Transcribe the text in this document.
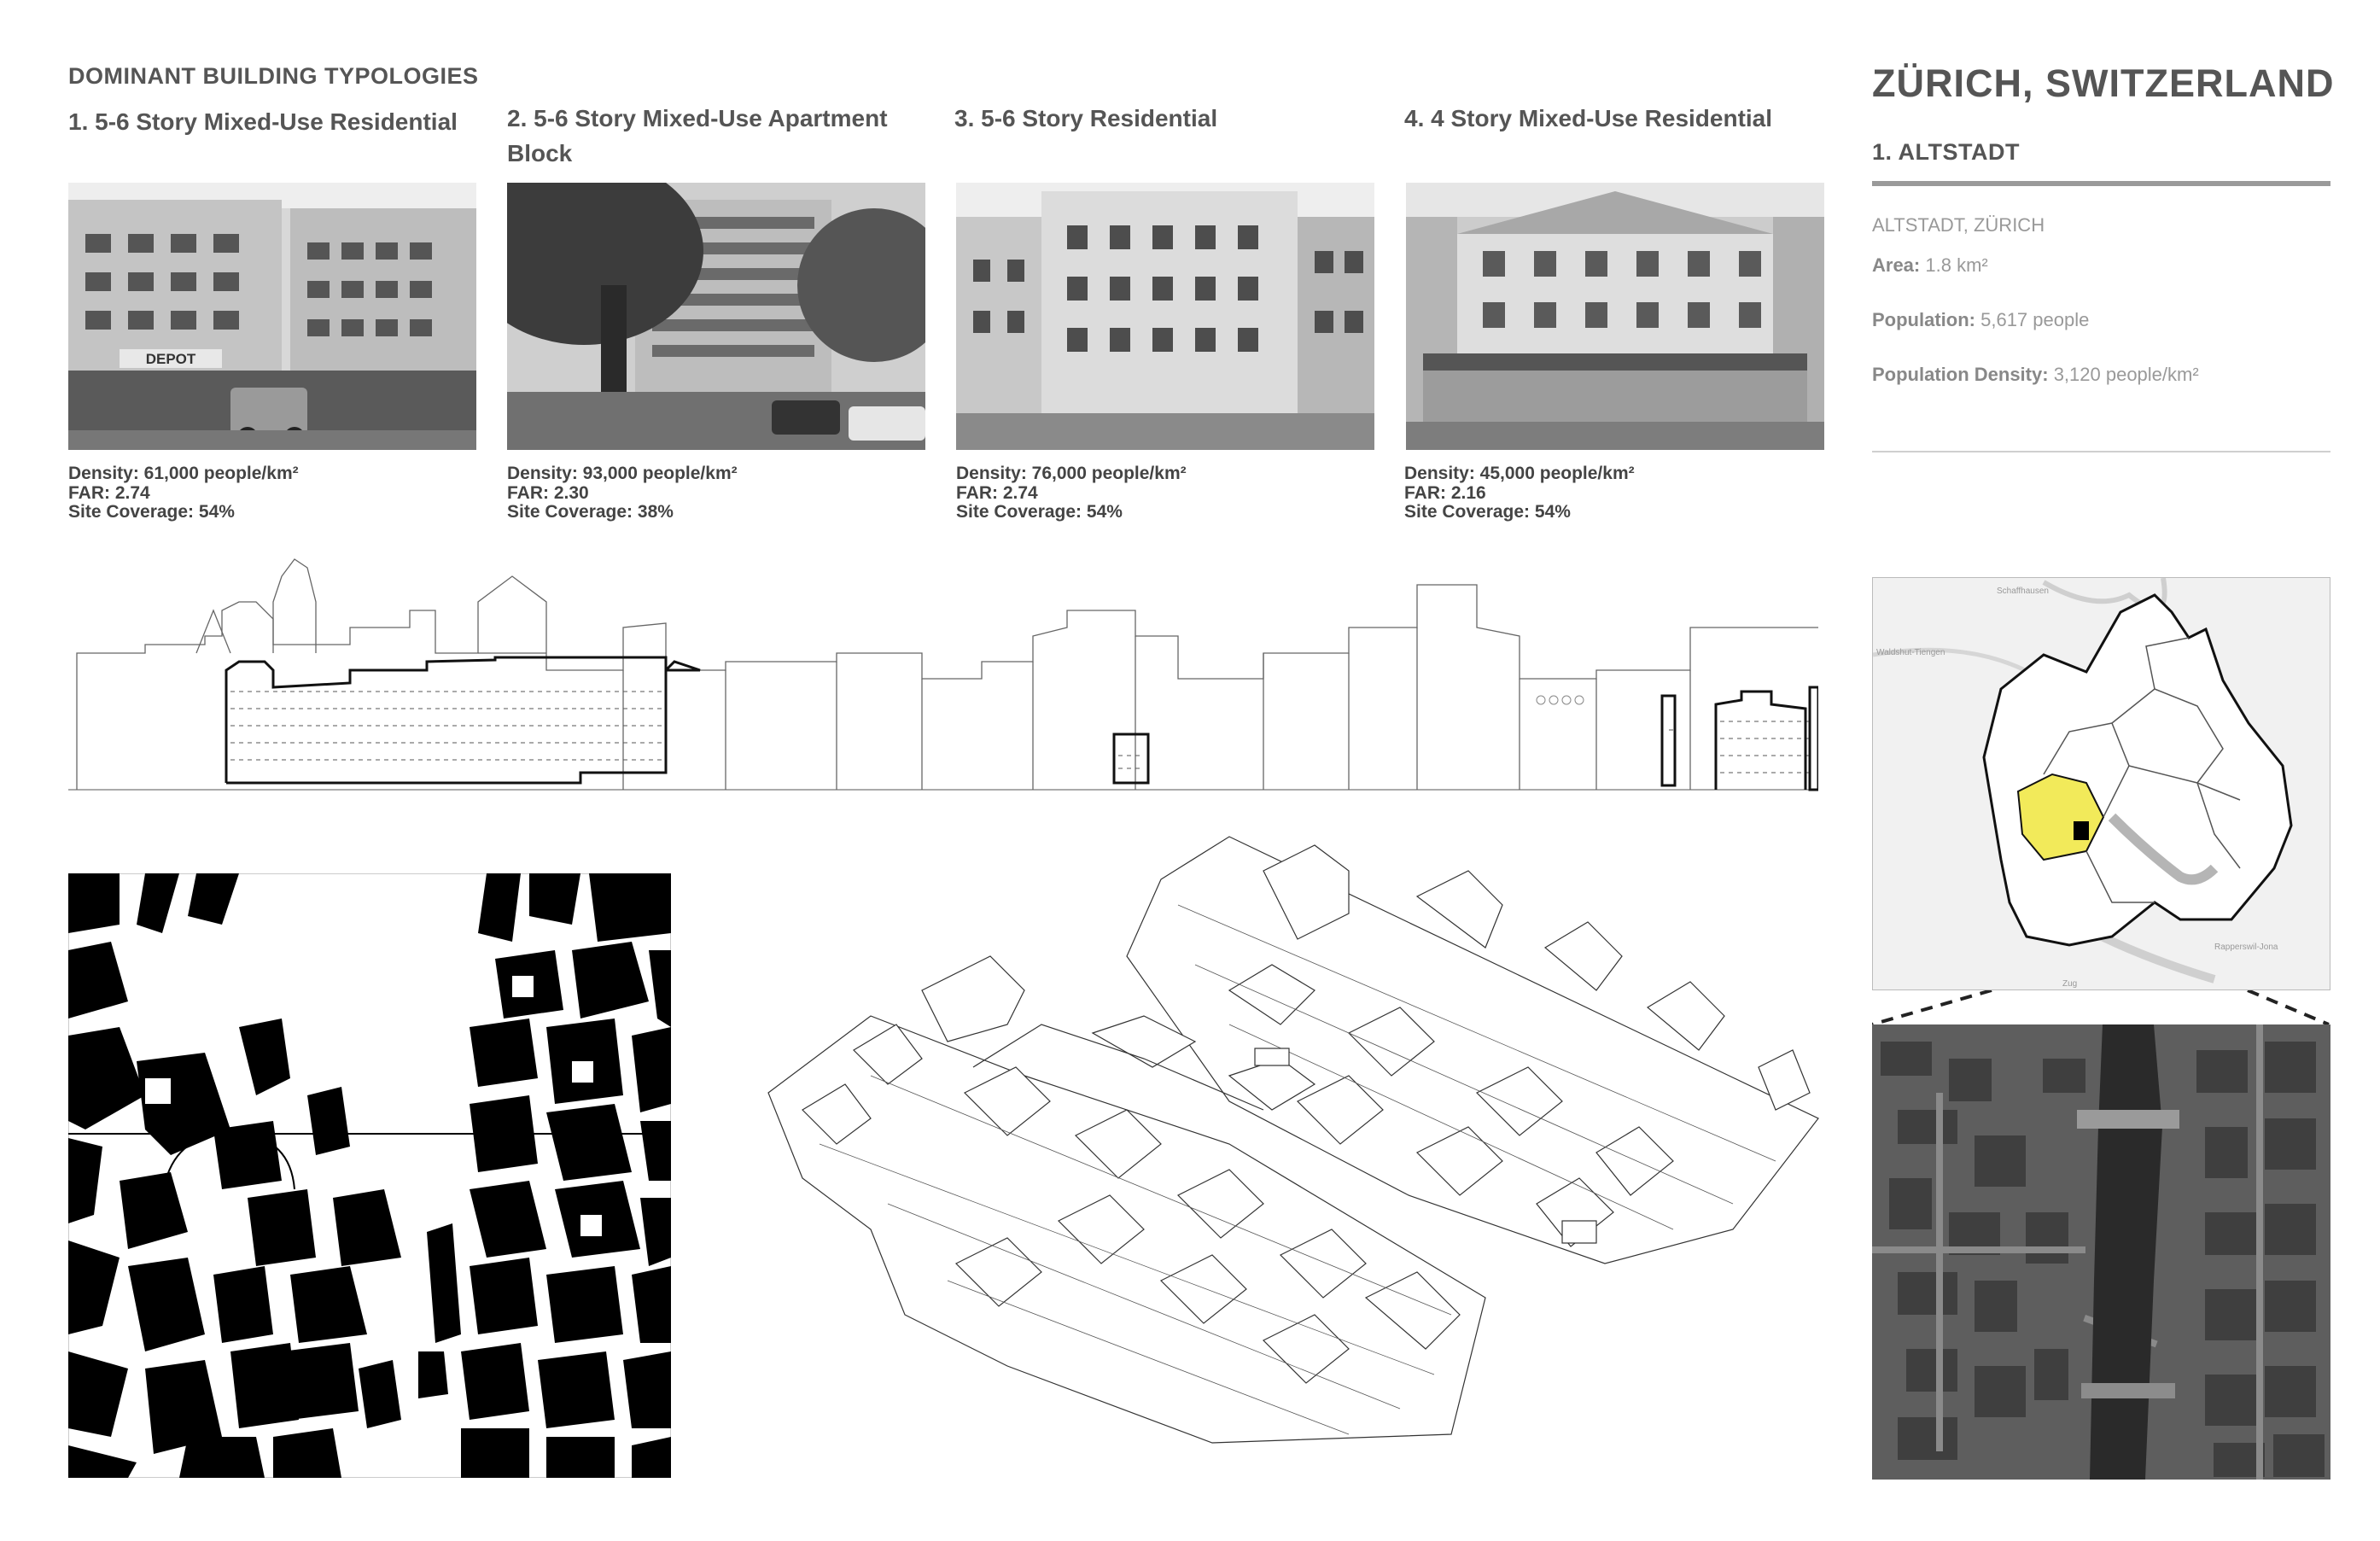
DOMINANT BUILDING TYPOLOGIES
1. 5-6 Story Mixed-Use Residential	2. 5-6 Story Mixed-Use Apartment Block
3. 5-6 Story Residential	4. 4 Story Mixed-Use Residential
DEPOT
Density: 61,000 people/km²
FAR: 2.74
Site Coverage: 54%
Density: 93,000 people/km²
FAR: 2.30
Site Coverage: 38%
Density: 76,000 people/km²
FAR: 2.74
Site Coverage: 54%
Density: 45,000 people/km²
FAR: 2.16
Site Coverage: 54%
ZÜRICH, SWITZERLAND
1. ALTSTADT
ALTSTADT, ZÜRICH
Area: 1.8 km²
Population: 5,617 people
Population Density: 3,120 people/km²
Schaffhausen
Waldshut-Tiengen
Rapperswil-Jona
Zug
